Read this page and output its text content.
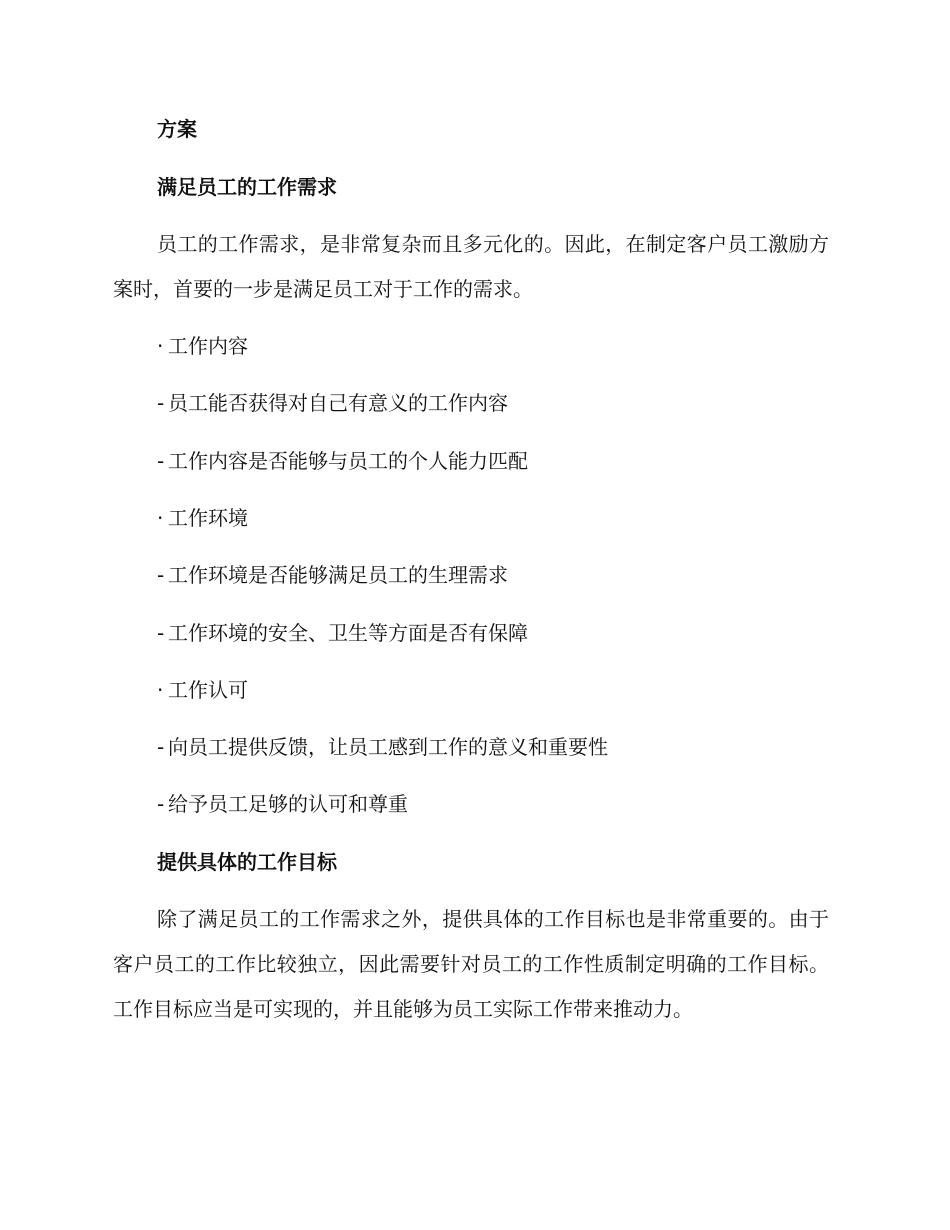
方案
满足员工的工作需求
员工的工作需求，是非常复杂而且多元化的。因此，在制定客户员工激励方案时，首要的一步是满足员工对于工作的需求。
· 工作内容
- 员工能否获得对自己有意义的工作内容
- 工作内容是否能够与员工的个人能力匹配
· 工作环境
- 工作环境是否能够满足员工的生理需求
- 工作环境的安全、卫生等方面是否有保障
· 工作认可
- 向员工提供反馈，让员工感到工作的意义和重要性
- 给予员工足够的认可和尊重
提供具体的工作目标
除了满足员工的工作需求之外，提供具体的工作目标也是非常重要的。由于客户员工的工作比较独立，因此需要针对员工的工作性质制定明确的工作目标。工作目标应当是可实现的，并且能够为员工实际工作带来推动力。
